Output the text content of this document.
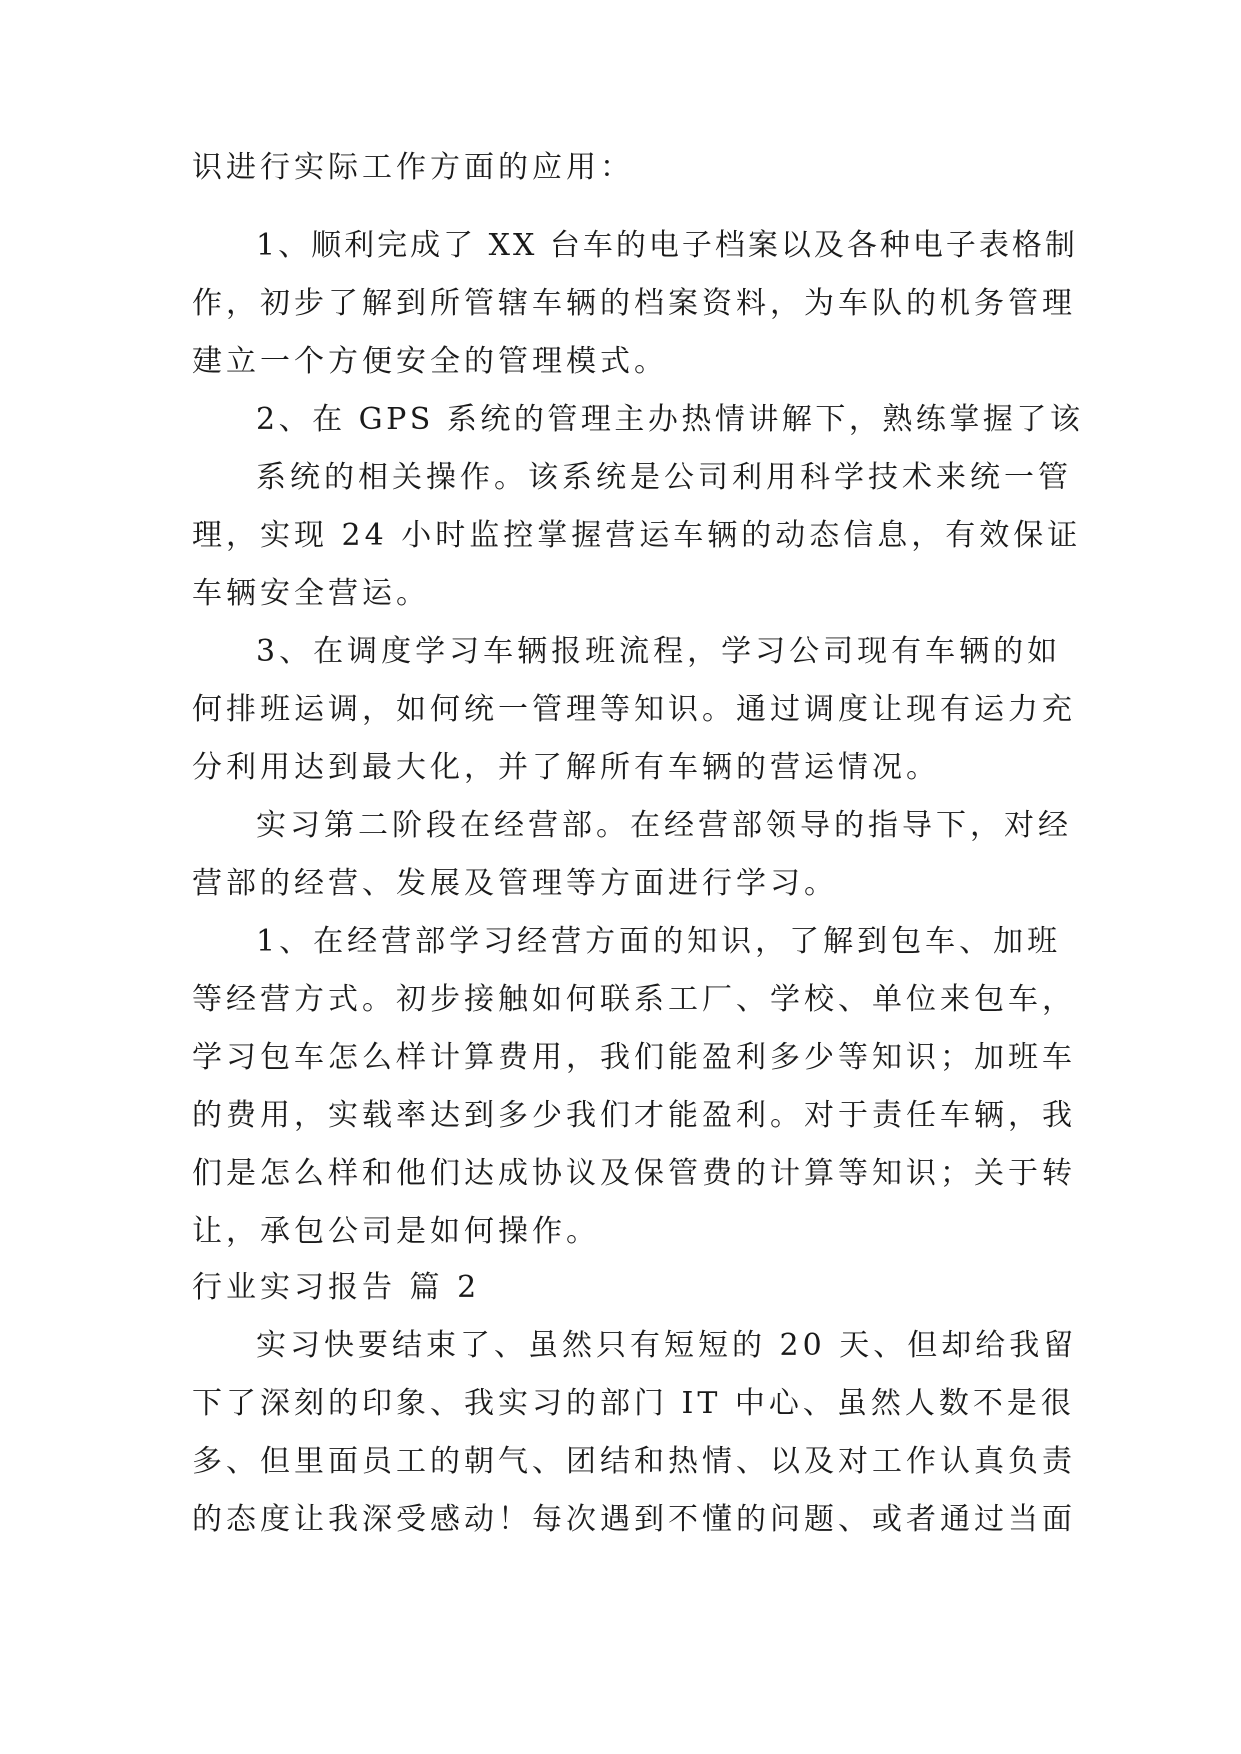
识进行实际工作方面的应用：
1、顺利完成了 XX 台车的电子档案以及各种电子表格制
作，初步了解到所管辖车辆的档案资料，为车队的机务管理
建立一个方便安全的管理模式。
2、在 GPS 系统的管理主办热情讲解下，熟练掌握了该
系统的相关操作。该系统是公司利用科学技术来统一管
理，实现 24 小时监控掌握营运车辆的动态信息，有效保证
车辆安全营运。
3、在调度学习车辆报班流程，学习公司现有车辆的如
何排班运调，如何统一管理等知识。通过调度让现有运力充
分利用达到最大化，并了解所有车辆的营运情况。
实习第二阶段在经营部。在经营部领导的指导下，对经
营部的经营、发展及管理等方面进行学习。
1、在经营部学习经营方面的知识，了解到包车、加班
等经营方式。初步接触如何联系工厂、学校、单位来包车，
学习包车怎么样计算费用，我们能盈利多少等知识；加班车
的费用，实载率达到多少我们才能盈利。对于责任车辆，我
们是怎么样和他们达成协议及保管费的计算等知识；关于转
让，承包公司是如何操作。
行业实习报告 篇 2
实习快要结束了、虽然只有短短的 20 天、但却给我留
下了深刻的印象、我实习的部门 IT 中心、虽然人数不是很
多、但里面员工的朝气、团结和热情、以及对工作认真负责
的态度让我深受感动！每次遇到不懂的问题、或者通过当面
